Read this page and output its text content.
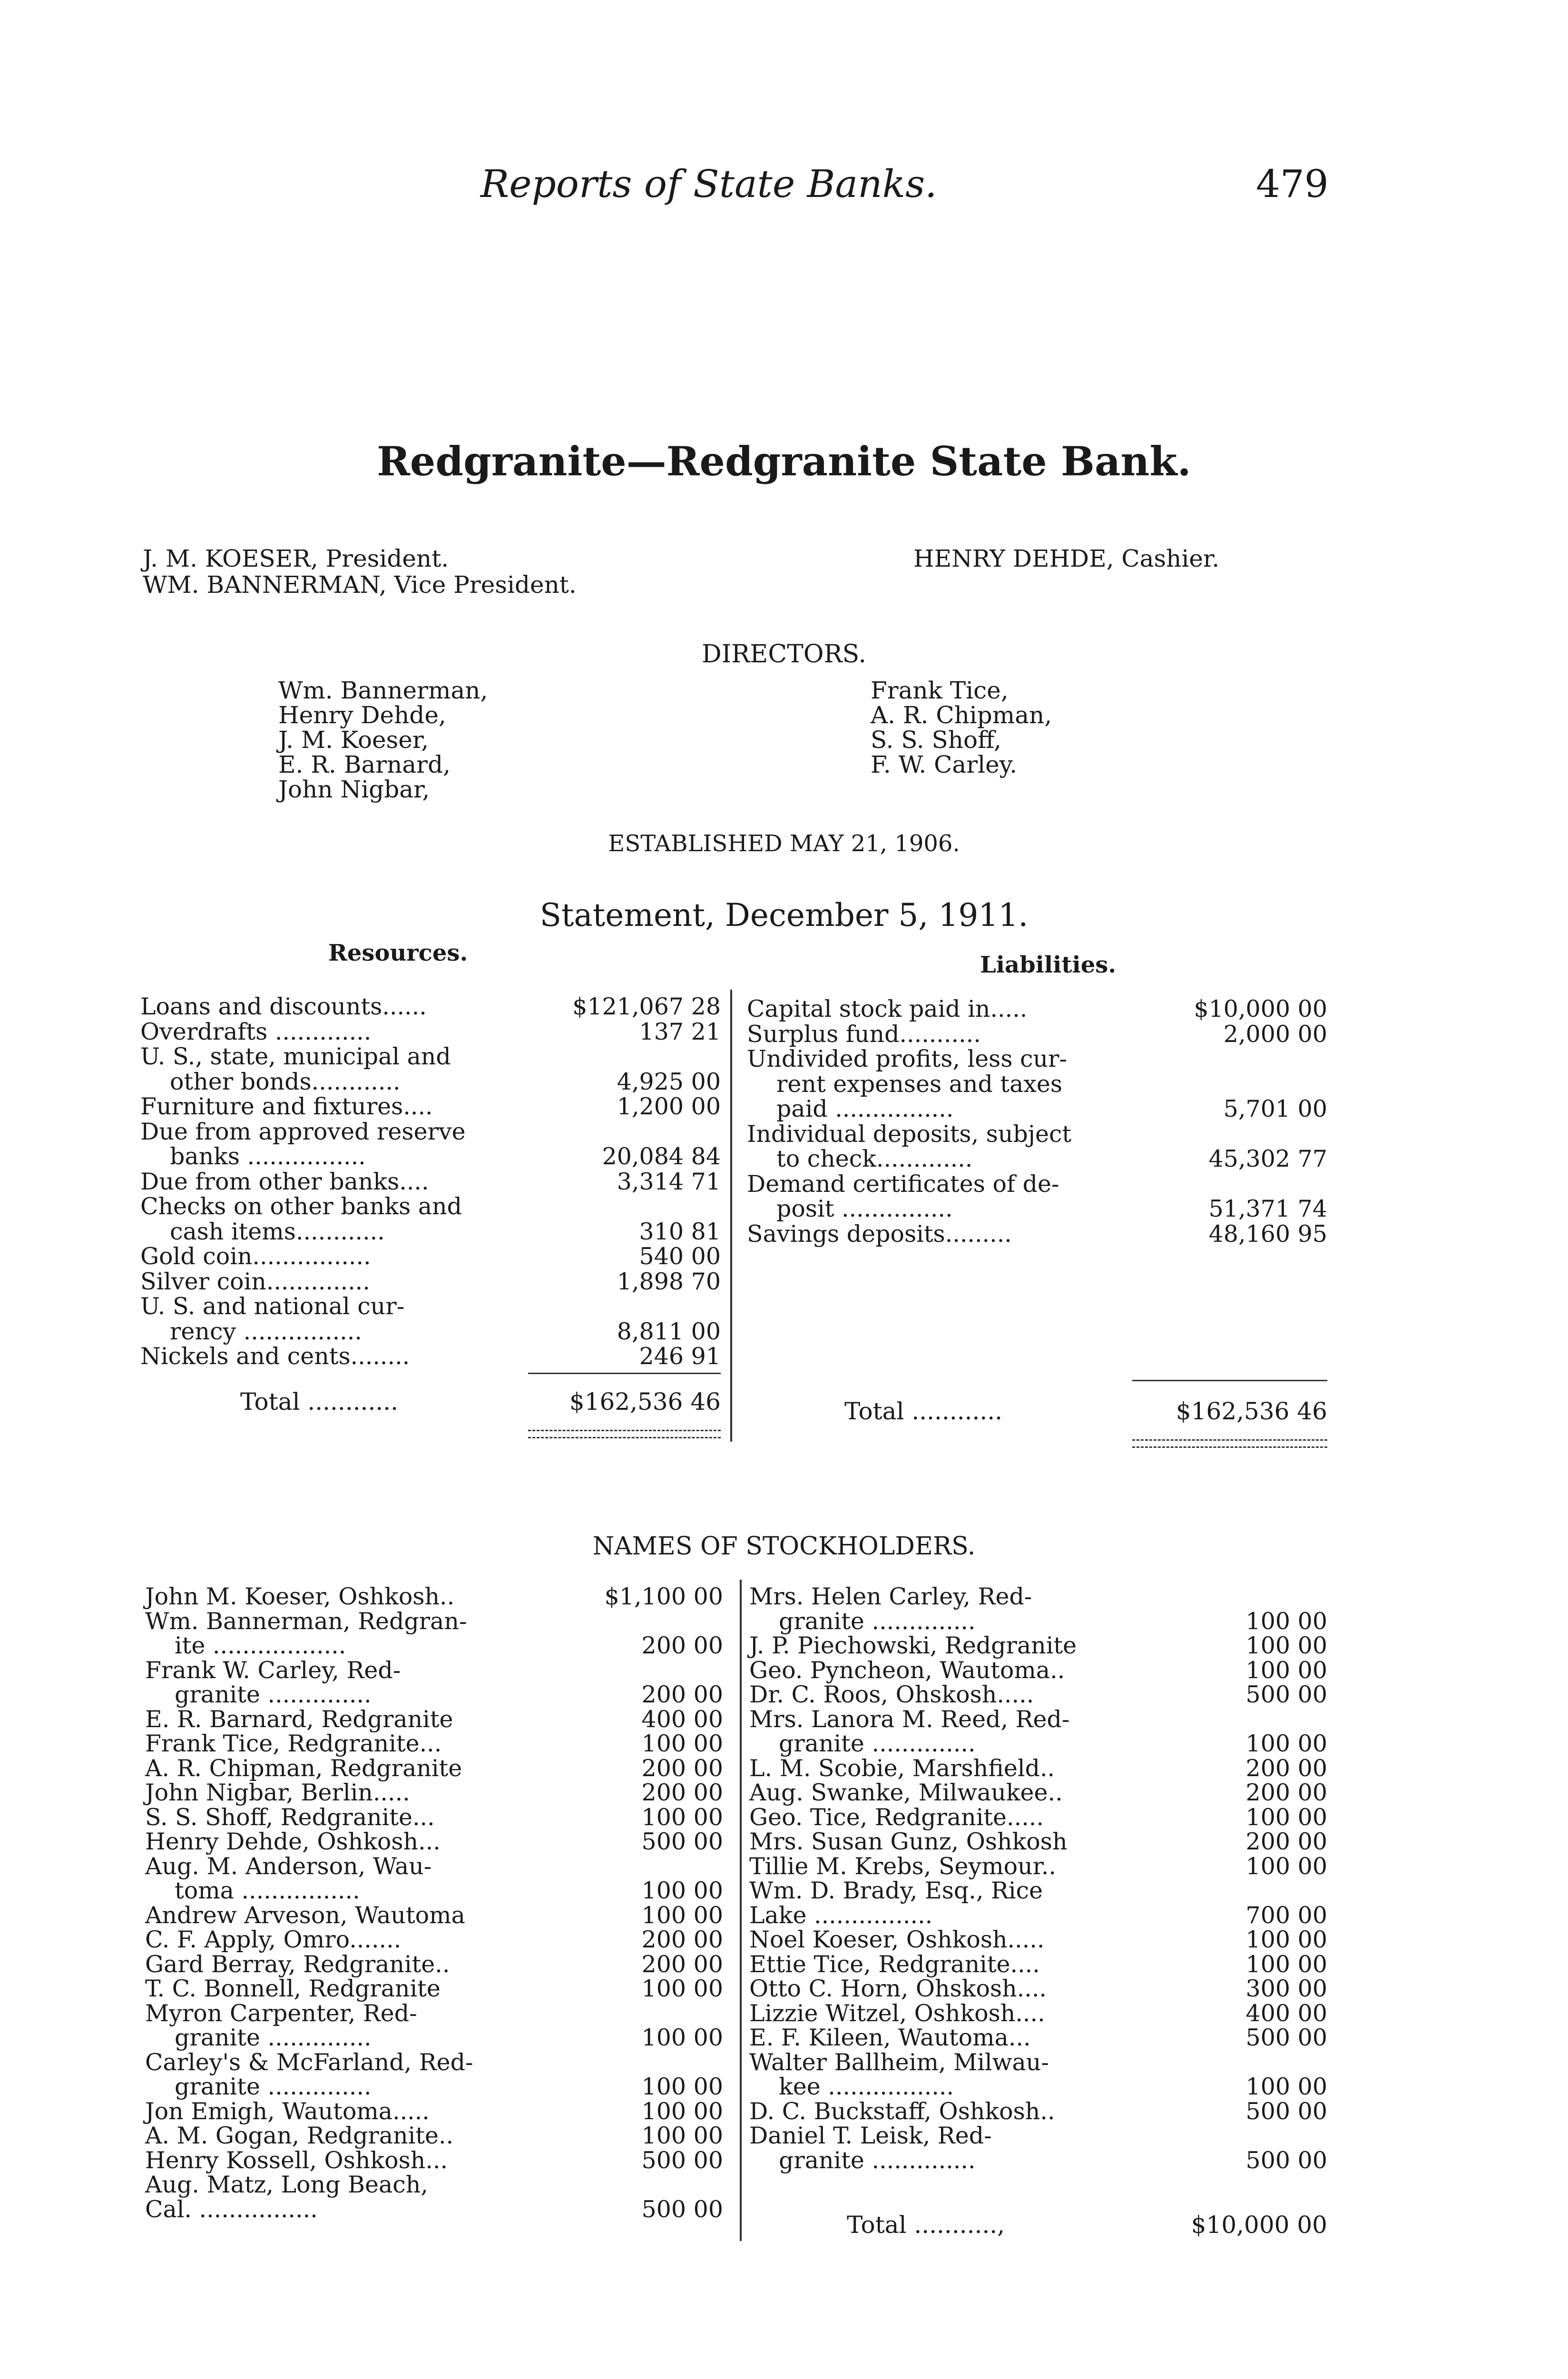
Reports of State Banks.	479
Redgranite—Redgranite State Bank.
J. M. KOESER, President.
WM. BANNERMAN, Vice President.
HENRY DEHDE, Cashier.
DIRECTORS.
Wm. Bannerman,
Henry Dehde,
J. M. Koeser,
E. R. Barnard,
John Nigbar,
Frank Tice,
A. R. Chipman,
S. S. Shoff,
F. W. Carley.
ESTABLISHED MAY 21, 1906.
Statement, December 5, 1911.
Resources.	Liabilities.
Loans and discounts......	$121,067 28
Overdrafts .............	137 21
U. S., state, municipal and
other bonds............	4,925 00
Furniture and fixtures....	1,200 00
Due from approved reserve
banks ................	20,084 84
Due from other banks....	3,314 71
Checks on other banks and
cash items............	310 81
Gold coin................	540 00
Silver coin..............	1,898 70
U. S. and national cur-
rency ................	8,811 00
Nickels and cents........	246 91
Capital stock paid in.....	$10,000 00
Surplus fund...........	2,000 00
Undivided profits, less cur-
rent expenses and taxes
paid ................	5,701 00
Individual deposits, subject
to check.............	45,302 77
Demand certificates of de-
posit ...............	51,371 74
Savings deposits.........	48,160 95
Total ............	$162,536 46	Total ............	$162,536 46
NAMES OF STOCKHOLDERS.
John M. Koeser, Oshkosh..	$1,100 00
Wm. Bannerman, Redgran-
ite ..................	200 00
Frank W. Carley, Red-
granite ..............	200 00
E. R. Barnard, Redgranite	400 00
Frank Tice, Redgranite...	100 00
A. R. Chipman, Redgranite	200 00
John Nigbar, Berlin.....	200 00
S. S. Shoff, Redgranite...	100 00
Henry Dehde, Oshkosh...	500 00
Aug. M. Anderson, Wau-
toma ................	100 00
Andrew Arveson, Wautoma	100 00
C. F. Apply, Omro.......	200 00
Gard Berray, Redgranite..	200 00
T. C. Bonnell, Redgranite	100 00
Myron Carpenter, Red-
granite ..............	100 00
Carley's & McFarland, Red-
granite ..............	100 00
Jon Emigh, Wautoma.....	100 00
A. M. Gogan, Redgranite..	100 00
Henry Kossell, Oshkosh...	500 00
Aug. Matz, Long Beach,
Cal. ................	500 00
Mrs. Helen Carley, Red-
granite ..............	100 00
J. P. Piechowski, Redgranite	100 00
Geo. Pyncheon, Wautoma..	100 00
Dr. C. Roos, Ohskosh.....	500 00
Mrs. Lanora M. Reed, Red-
granite ..............	100 00
L. M. Scobie, Marshfield..	200 00
Aug. Swanke, Milwaukee..	200 00
Geo. Tice, Redgranite.....	100 00
Mrs. Susan Gunz, Oshkosh	200 00
Tillie M. Krebs, Seymour..	100 00
Wm. D. Brady, Esq., Rice
Lake ................	700 00
Noel Koeser, Oshkosh.....	100 00
Ettie Tice, Redgranite....	100 00
Otto C. Horn, Ohskosh....	300 00
Lizzie Witzel, Oshkosh....	400 00
E. F. Kileen, Wautoma...	500 00
Walter Ballheim, Milwau-
kee .................	100 00
D. C. Buckstaff, Oshkosh..	500 00
Daniel T. Leisk, Red-
granite ..............	500 00
Total ...........,	$10,000 00
